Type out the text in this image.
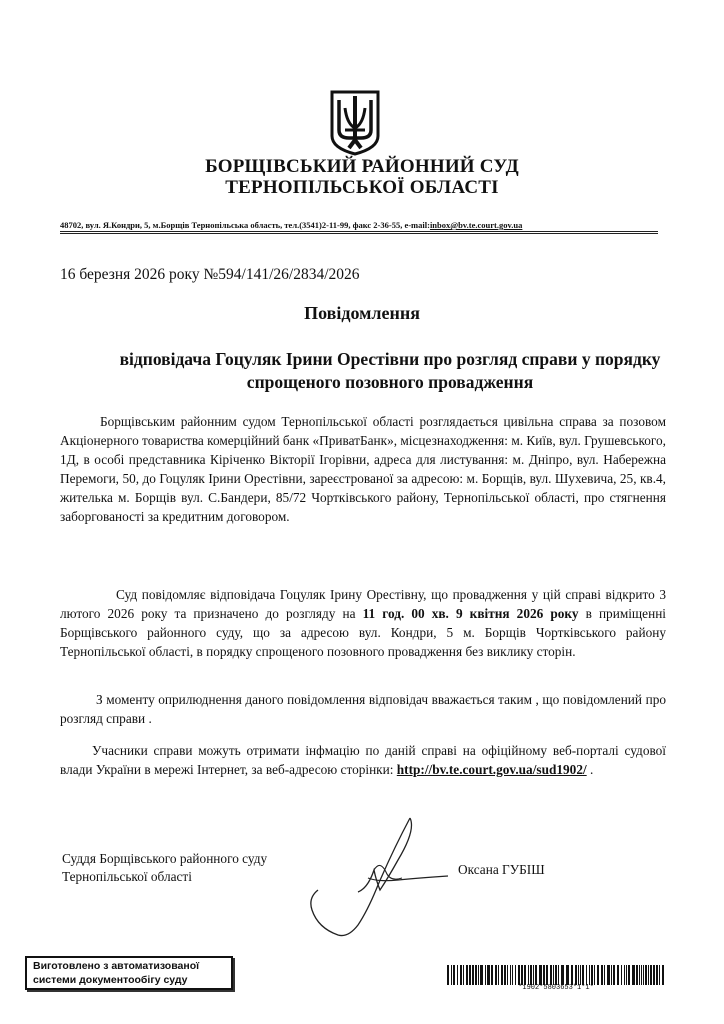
БОРЩІВСЬКИЙ РАЙОННИЙ СУД
ТЕРНОПІЛЬСЬКОЇ ОБЛАСТІ
48702, вул. Я.Кондри, 5, м.Борщів Тернопільська область, тел.(3541)2-11-99, факс 2-36-55, e-mail:inbox@bv.te.court.gov.ua
16 березня 2026 року №594/141/26/2834/2026
Повідомлення
відповідача Гоцуляк Ірини Орестівни про розгляд справи у порядку спрощеного позовного провадження
Борщівським районним судом Тернопільської області розглядається цивільна справа за позовом Акціонерного товариства комерційний банк «ПриватБанк», місцезнаходження: м. Київ, вул. Грушевського, 1Д, в особі представника Кіріченко Вікторії Ігорівни, адреса для листування: м. Дніпро, вул. Набережна Перемоги, 50, до Гоцуляк Ірини Орестівни, зареєстрованої за адресою: м. Борщів, вул. Шухевича, 25, кв.4, жителька м. Борщів вул. С.Бандери, 85/72 Чортківського району, Тернопільської області, про стягнення заборгованості за кредитним договором.
Суд повідомляє відповідача Гоцуляк Ірину Орестівну, що провадження у цій справі відкрито 3 лютого 2026 року та призначено до розгляду на 11 год. 00 хв. 9 квітня 2026 року в приміщенні Борщівського районного суду, що за адресою вул. Кондри, 5 м. Борщів Чортківського району Тернопільської області, в порядку спрощеного позовного провадження без виклику сторін.
З моменту оприлюднення даного повідомлення відповідач вважається таким , що повідомлений про розгляд справи .
Учасники справи можуть отримати інфмацію по даній справі на офіційному веб-порталі судової влади України в мережі Інтернет, за веб-адресою сторінки: http://bv.te.court.gov.ua/sud1902/ .
Суддя Борщівського районного суду
Тернопільської області	Оксана ГУБІШ
Виготовлено з автоматизованої
системи документообігу суду
*1902*5803653*1*1*
